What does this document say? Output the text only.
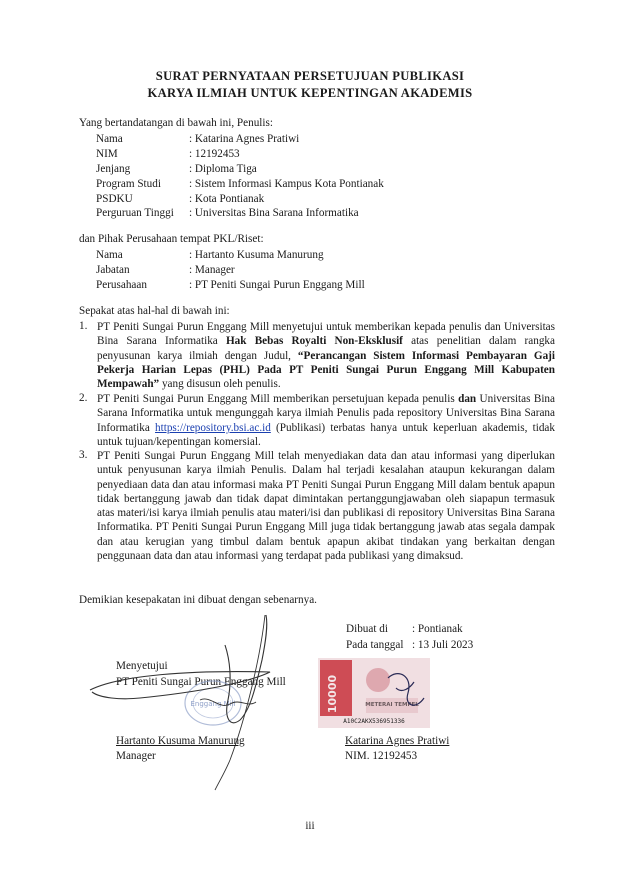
SURAT PERNYATAAN PERSETUJUAN PUBLIKASI
KARYA ILMIAH UNTUK KEPENTINGAN AKADEMIS
Yang bertandatangan di bawah ini, Penulis:
Nama	: Katarina Agnes Pratiwi
NIM	: 12192453
Jenjang	: Diploma Tiga
Program Studi	: Sistem Informasi Kampus Kota Pontianak
PSDKU	: Kota Pontianak
Perguruan Tinggi : Universitas Bina Sarana Informatika
dan Pihak Perusahaan tempat PKL/Riset:
Nama	: Hartanto Kusuma Manurung
Jabatan	: Manager
Perusahaan	: PT Peniti Sungai Purun Enggang Mill
Sepakat atas hal-hal di bawah ini:
1. PT Peniti Sungai Purun Enggang Mill menyetujui untuk memberikan kepada penulis dan Universitas Bina Sarana Informatika Hak Bebas Royalti Non-Eksklusif atas penelitian dalam rangka penyusunan karya ilmiah dengan Judul, “Perancangan Sistem Informasi Pembayaran Gaji Pekerja Harian Lepas (PHL) Pada PT Peniti Sungai Purun Enggang Mill Kabupaten Mempawah” yang disusun oleh penulis.
2. PT Peniti Sungai Purun Enggang Mill memberikan persetujuan kepada penulis dan Universitas Bina Sarana Informatika untuk mengunggah karya ilmiah Penulis pada repository Universitas Bina Sarana Informatika https://repository.bsi.ac.id (Publikasi) terbatas hanya untuk keperluan akademis, tidak untuk tujuan/kepentingan komersial.
3. PT Peniti Sungai Purun Enggang Mill telah menyediakan data dan atau informasi yang diperlukan untuk penyusunan karya ilmiah Penulis. Dalam hal terjadi kesalahan ataupun kekurangan dalam penyediaan data dan atau informasi maka PT Peniti Sungai Purun Enggang Mill dalam bentuk apapun tidak bertanggung jawab dan tidak dapat dimintakan pertanggungjawaban oleh siapapun termasuk atas materi/isi karya ilmiah penulis atau materi/isi dan publikasi di repository Universitas Bina Sarana Informatika. PT Peniti Sungai Purun Enggang Mill juga tidak bertanggung jawab atas segala dampak dan atau kerugian yang timbul dalam bentuk apapun akibat tindakan yang berkaitan dengan penggunaan data dan atau informasi yang terdapat pada publikasi yang dimaksud.
Demikian kesepakatan ini dibuat dengan sebenarnya.
Dibuat di : Pontianak
Pada tanggal : 13 Juli 2023
Menyetujui
PT Peniti Sungai Purun Enggang Mill
Enggang Mill
Hartanto Kusuma Manurung
Manager
10000	METERAI TEMPEL
A10C2AKX536951336
Katarina Agnes Pratiwi
NIM. 12192453
iii
